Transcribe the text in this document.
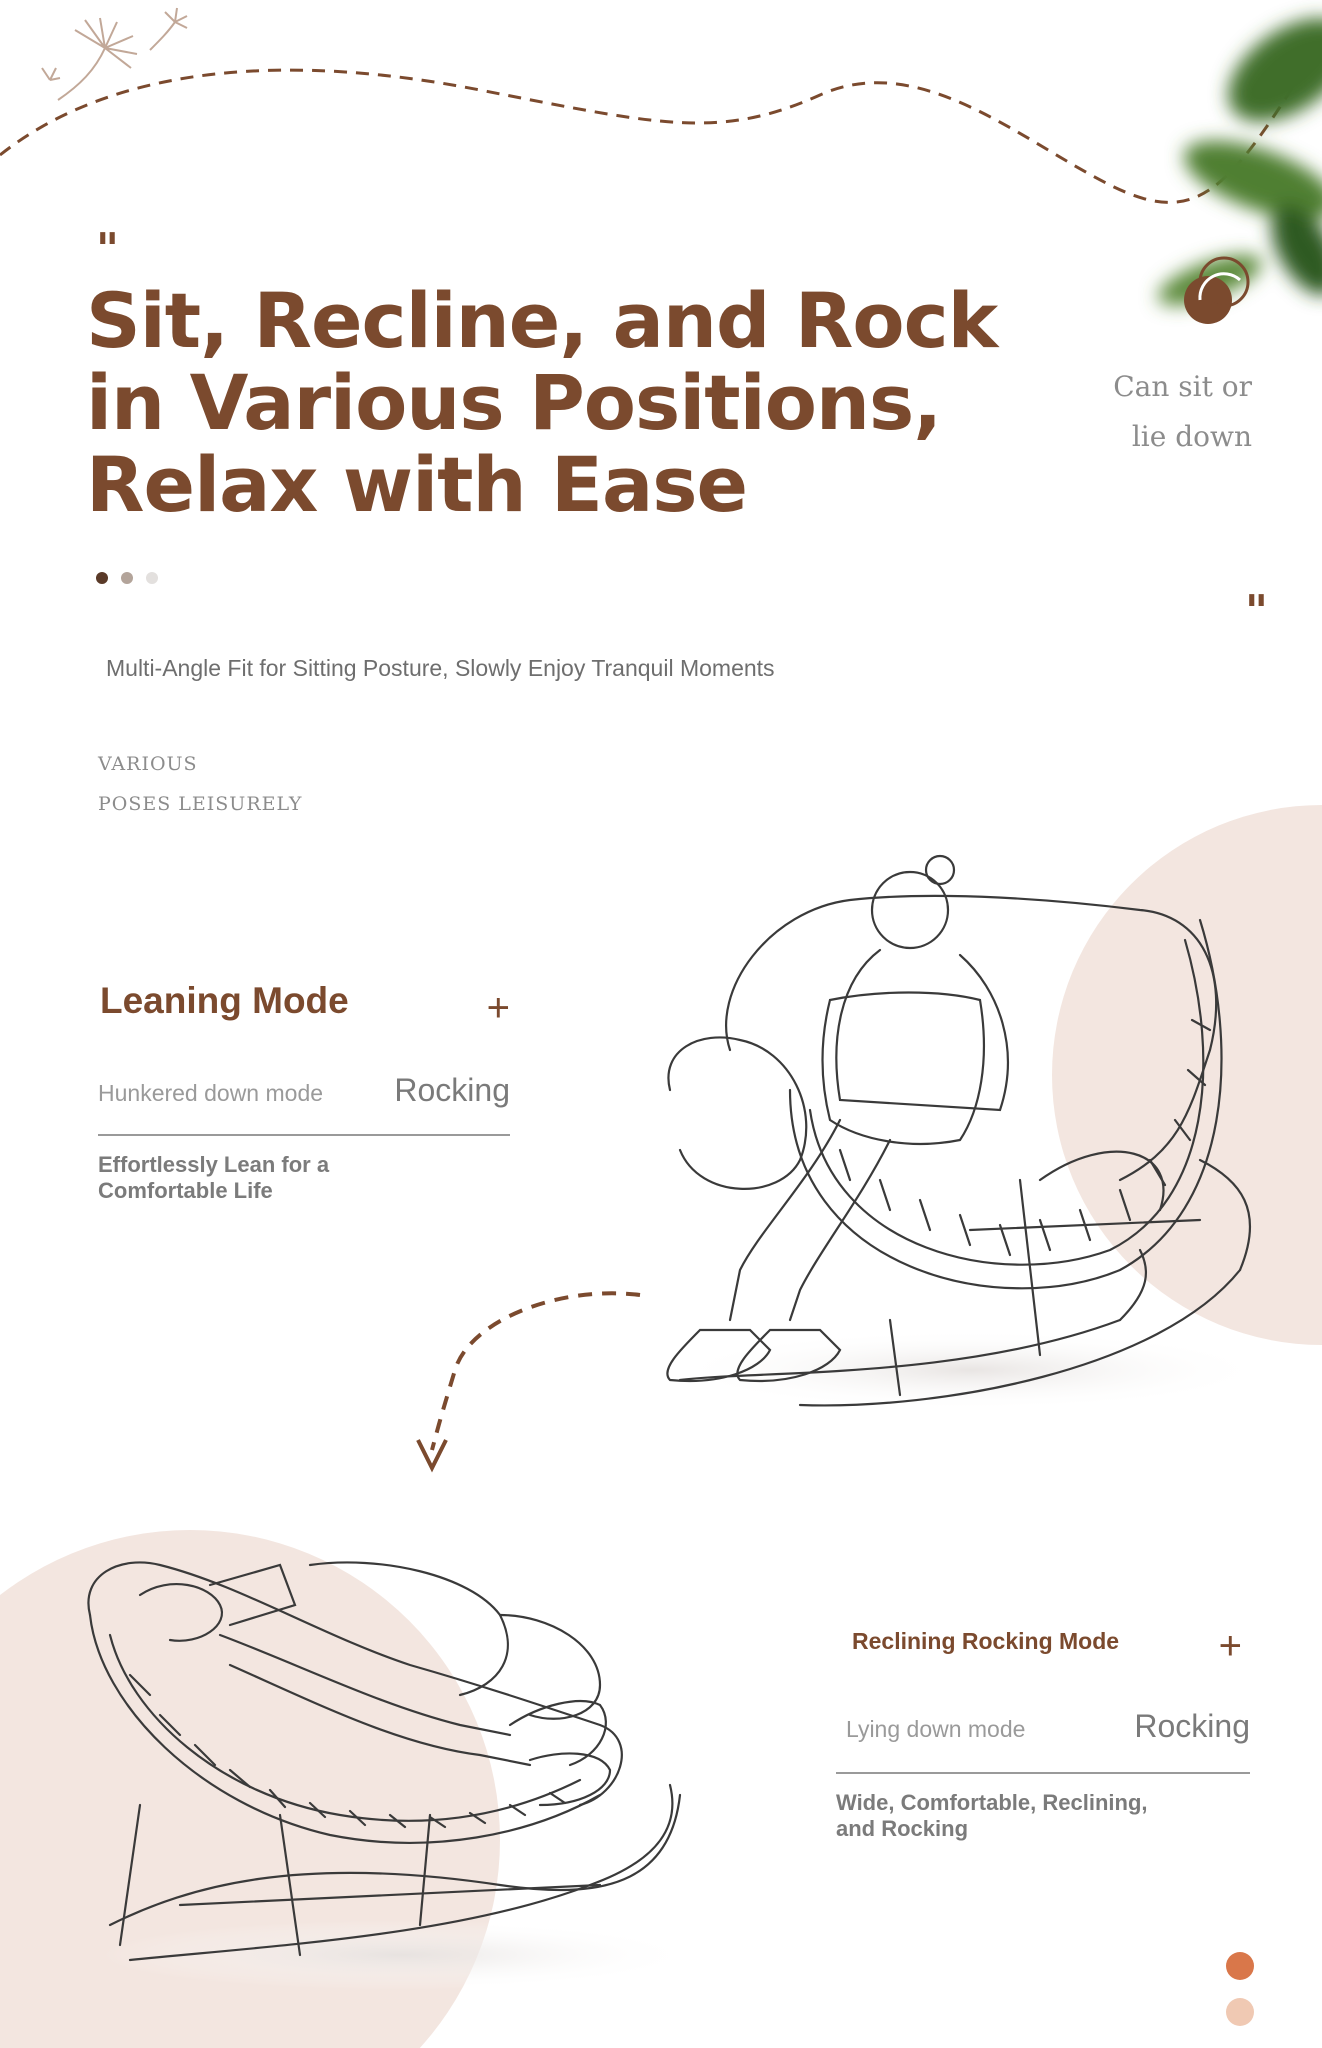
"
Sit, Recline, and Rock
in Various Positions,
Relax with Ease
"
Can sit or
lie down
Multi-Angle Fit for Sitting Posture, Slowly Enjoy Tranquil Moments
VARIOUS
POSES LEISURELY
Leaning Mode	+
Hunkered down mode Rocking
Effortlessly Lean for a Comfortable Life
Reclining Rocking Mode +
Lying down mode	Rocking
Wide, Comfortable, Reclining, and Rocking
